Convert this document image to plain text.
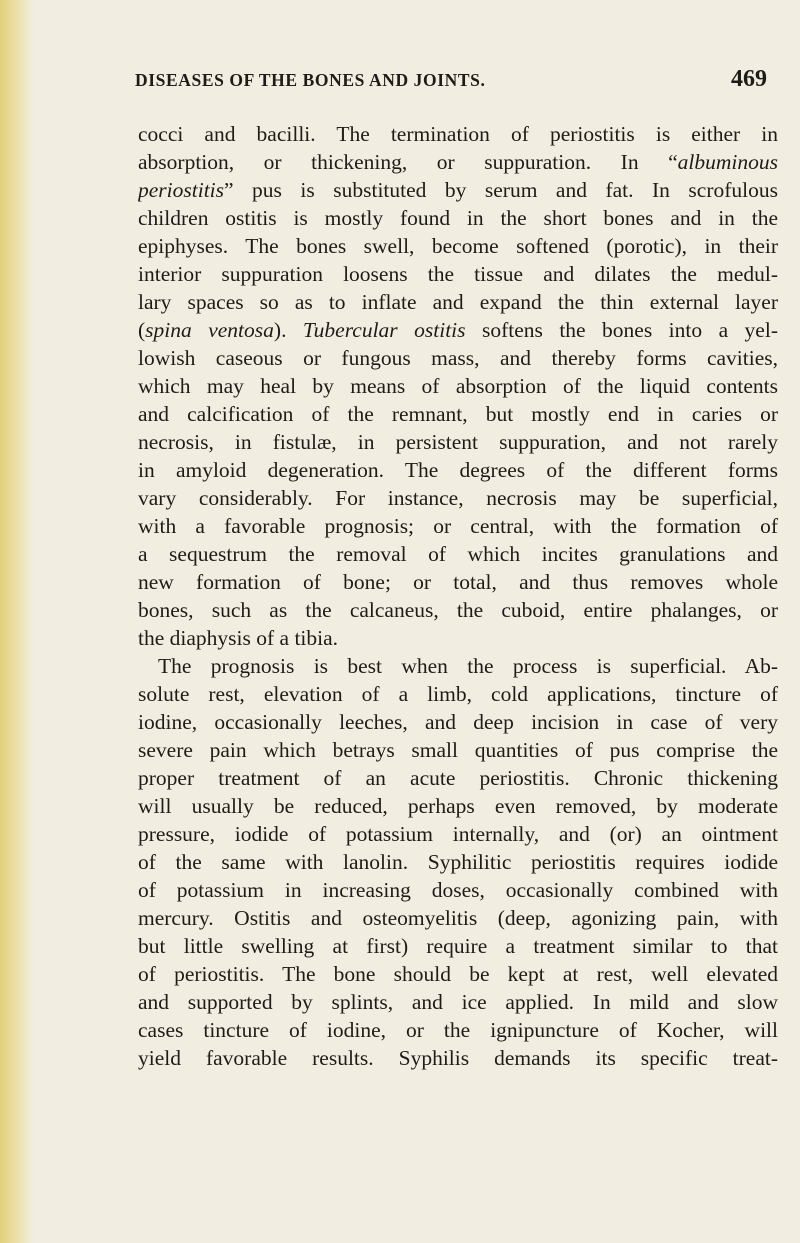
DISEASES OF THE BONES AND JOINTS.	469
cocci and bacilli. The termination of periostitis is either in
absorption, or thickening, or suppuration. In “albuminous
periostitis” pus is substituted by serum and fat. In scrofulous
children ostitis is mostly found in the short bones and in the
epiphyses. The bones swell, become softened (porotic), in their
interior suppuration loosens the tissue and dilates the medul-
lary spaces so as to inflate and expand the thin external layer
(spina ventosa). Tubercular ostitis softens the bones into a yel-
lowish caseous or fungous mass, and thereby forms cavities,
which may heal by means of absorption of the liquid contents
and calcification of the remnant, but mostly end in caries or
necrosis, in fistulæ, in persistent suppuration, and not rarely
in amyloid degeneration. The degrees of the different forms
vary considerably. For instance, necrosis may be superficial,
with a favorable prognosis; or central, with the formation of
a sequestrum the removal of which incites granulations and
new formation of bone; or total, and thus removes whole
bones, such as the calcaneus, the cuboid, entire phalanges, or
the diaphysis of a tibia.
The prognosis is best when the process is superficial. Ab-
solute rest, elevation of a limb, cold applications, tincture of
iodine, occasionally leeches, and deep incision in case of very
severe pain which betrays small quantities of pus comprise the
proper treatment of an acute periostitis. Chronic thickening
will usually be reduced, perhaps even removed, by moderate
pressure, iodide of potassium internally, and (or) an ointment
of the same with lanolin. Syphilitic periostitis requires iodide
of potassium in increasing doses, occasionally combined with
mercury. Ostitis and osteomyelitis (deep, agonizing pain, with
but little swelling at first) require a treatment similar to that
of periostitis. The bone should be kept at rest, well elevated
and supported by splints, and ice applied. In mild and slow
cases tincture of iodine, or the ignipuncture of Kocher, will
yield favorable results. Syphilis demands its specific treat-
